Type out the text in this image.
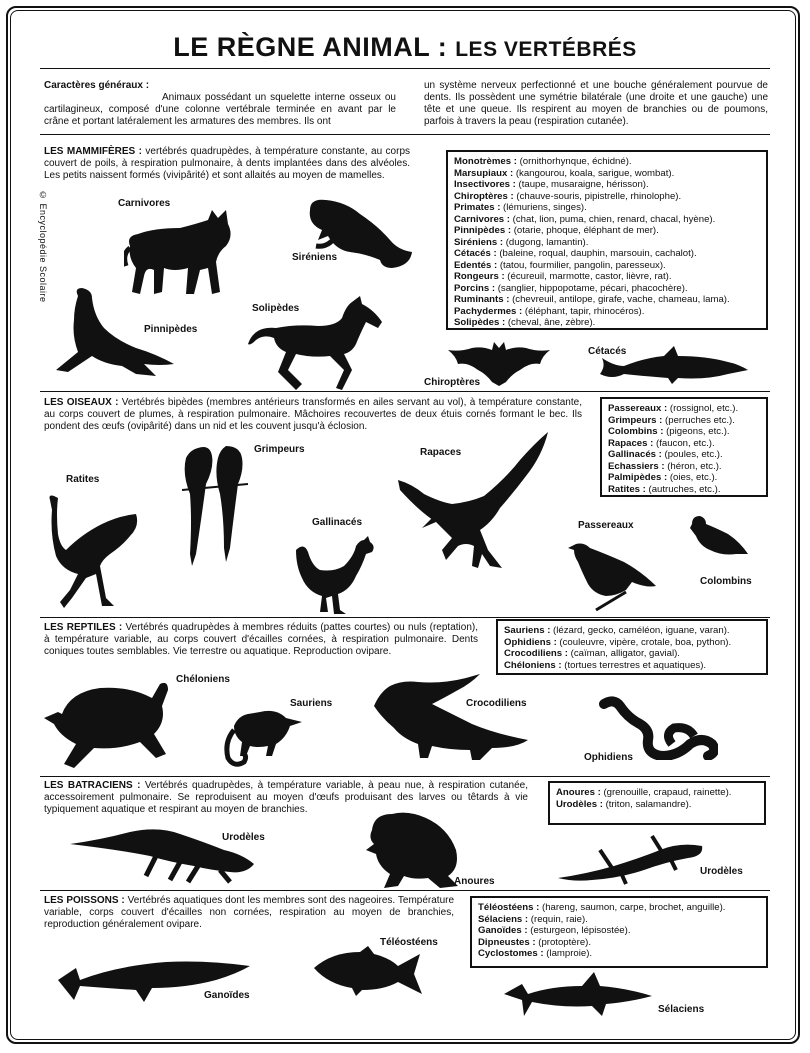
LE RÈGNE ANIMAL : LES VERTÉBRÉS
Caractères généraux :
Animaux possédant un squelette interne osseux ou cartilagineux, composé d'une colonne vertébrale terminée en avant par le crâne et portant latéralement les armatures des membres. Ils ont
un système nerveux perfectionné et une bouche généralement pourvue de dents. Ils possèdent une symétrie bilatérale (une droite et une gauche) une tête et une queue. Ils respirent au moyen de branchies ou de poumons, parfois à travers la peau (respiration cutanée).
© Encyclopédie Scolaire
LES MAMMIFÈRES : vertébrés quadrupèdes, à température constante, au corps couvert de poils, à respiration pulmonaire, à dents implantées dans des alvéoles. Les petits naissent formés (vivipârité) et sont allaités au moyen de mamelles.
Monotrèmes : (ornithorhynque, échidné).
Marsupiaux : (kangourou, koala, sarigue, wombat).
Insectivores : (taupe, musaraigne, hérisson).
Chiroptères : (chauve-souris, pipistrelle, rhinolophe).
Primates : (lémuriens, singes).
Carnivores : (chat, lion, puma, chien, renard, chacal, hyène).
Pinnipèdes : (otarie, phoque, éléphant de mer).
Siréniens : (dugong, lamantin).
Cétacés : (baleine, roqual, dauphin, marsouin, cachalot).
Edentés : (tatou, fourmilier, pangolin, paresseux).
Rongeurs : (écureuil, marmotte, castor, lièvre, rat).
Porcins : (sanglier, hippopotame, pécari, phacochère).
Ruminants : (chevreuil, antilope, girafe, vache, chameau, lama).
Pachydermes : (éléphant, tapir, rhinocéros).
Solipèdes : (cheval, âne, zèbre).
Carnivores
Siréniens
Pinnipèdes
Solipèdes
Chiroptères
Cétacés
LES OISEAUX : Vertébrés bipèdes (membres antérieurs transformés en ailes servant au vol), à température constante, au corps couvert de plumes, à respiration pulmonaire. Mâchoires recouvertes de deux étuis cornés formant le bec. Ils pondent des œufs (ovipârité) dans un nid et les couvent jusqu'à éclosion.
Passereaux : (rossignol, etc.).
Grimpeurs : (perruches etc.).
Colombins : (pigeons, etc.).
Rapaces : (faucon, etc.).
Gallinacés : (poules, etc.).
Echassiers : (héron, etc.).
Palmipèdes : (oies, etc.).
Ratites : (autruches, etc.).
Ratites
Grimpeurs
Gallinacés
Rapaces
Passereaux
Colombins
LES REPTILES : Vertébrés quadrupèdes à membres réduits (pattes courtes) ou nuls (reptation), à température variable, au corps couvert d'écailles cornées, à respiration pulmonaire. Dents coniques toutes semblables. Vie terrestre ou aquatique. Reproduction ovipare.
Sauriens : (lézard, gecko, caméléon, iguane, varan).
Ophidiens : (couleuvre, vipère, crotale, boa, python).
Crocodiliens : (caïman, alligator, gavial).
Chéloniens : (tortues terrestres et aquatiques).
Chéloniens
Sauriens	Crocodiliens
Ophidiens
LES BATRACIENS : Vertébrés quadrupèdes, à température variable, à peau nue, à respiration cutanée, accessoirement pulmonaire. Se reproduisent au moyen d'œufs produisant des larves ou têtards à vie typiquement aquatique et respirant au moyen de branchies.
Anoures : (grenouille, crapaud, rainette).
Urodèles : (triton, salamandre).
Urodèles
Anoures
Urodèles
LES POISSONS : Vertébrés aquatiques dont les membres sont des nageoires. Température variable, corps couvert d'écailles non cornées, respiration au moyen de branchies, reproduction généralement ovipare.
Téléostéens : (hareng, saumon, carpe, brochet, anguille).
Sélaciens : (requin, raie).
Ganoïdes : (esturgeon, lépisostée).
Dipneustes : (protoptère).
Cyclostomes : (lamproie).
Téléostéens
Ganoïdes
Sélaciens
